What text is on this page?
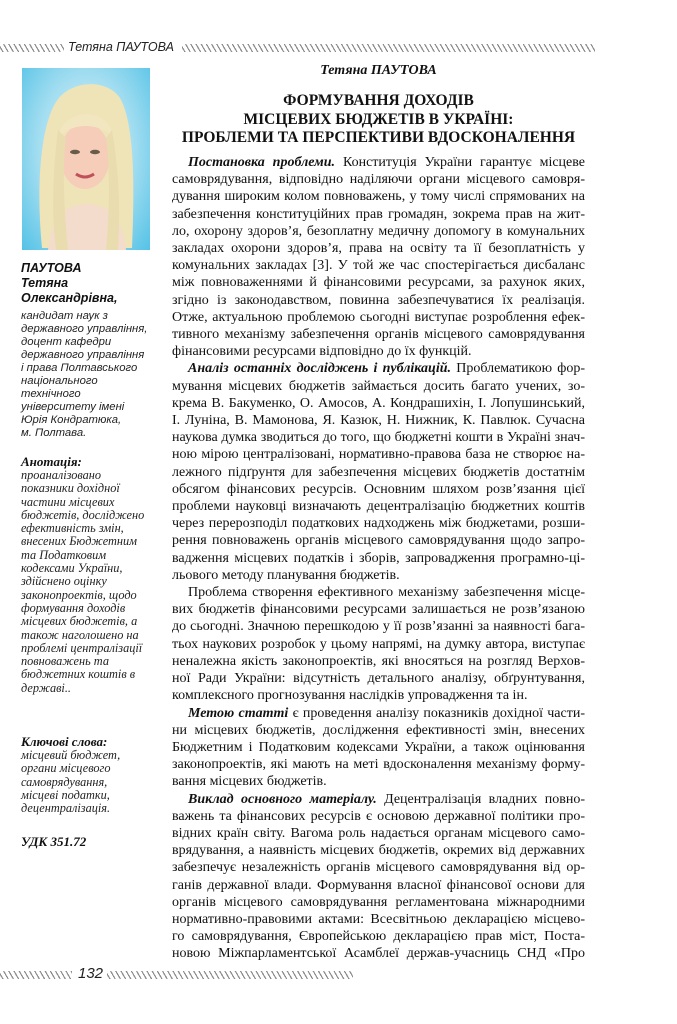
Тетяна ПАУТОВА
ПАУТОВА
Тетяна
Олександрівна,
кандидат наук з
державного управління,
доцент кафедри
державного управління
і права Полтавського
національного
технічного
університету імені
Юрія Кондратюка,
м. Полтава.
Анотація:
проаналізовано
показники дохідної
частини місцевих
бюджетів, досліджено
ефективність змін,
внесених Бюджетним
та Податковим
кодексами України,
здійснено оцінку
законопроектів, щодо
формування доходів
місцевих бюджетів, а
також наголошено на
проблемі централізації
повноважень та
бюджетних коштів в
державі..
Ключові слова:
місцевий бюджет,
органи місцевого
самоврядування,
місцеві податки,
децентралізація.
УДК 351.72
Тетяна ПАУТОВА
ФОРМУВАННЯ ДОХОДІВ
МІСЦЕВИХ БЮДЖЕТІВ В УКРАЇНІ:
ПРОБЛЕМИ ТА ПЕРСПЕКТИВИ ВДОСКОНАЛЕННЯ
Постановка проблеми. Конституція України гарантує місцеве
самоврядування, відповідно наділяючи органи місцевого самовря-
дування широким колом повноважень, у тому числі спрямованих на
забезпечення конституційних прав громадян, зокрема прав на жит-
ло, охорону здоров’я, безоплатну медичну допомогу в комунальних
закладах охорони здоров’я, права на освіту та її безоплатність у
комунальних закладах [3]. У той же час спостерігається дисбаланс
між повноваженнями й фінансовими ресурсами, за рахунок яких,
згідно із законодавством, повинна забезпечуватися їх реалізація.
Отже, актуальною проблемою сьогодні виступає розроблення ефек-
тивного механізму забезпечення органів місцевого самоврядування
фінансовими ресурсами відповідно до їх функцій.
Аналіз останніх досліджень і публікацій. Проблематикою фор-
мування місцевих бюджетів займається досить багато учених, зо-
крема В. Бакуменко, О. Амосов, А. Кондрашихін, І. Лопушинський,
І. Луніна, В. Мамонова, Я. Казюк, Н. Нижник, К. Павлюк. Сучасна
наукова думка зводиться до того, що бюджетні кошти в Україні знач-
ною мірою централізовані, нормативно-правова база не створює на-
лежного підґрунтя для забезпечення місцевих бюджетів достатнім
обсягом фінансових ресурсів. Основним шляхом розв’язання цієї
проблеми науковці визначають децентралізацію бюджетних коштів
через перерозподіл податкових надходжень між бюджетами, розши-
рення повноважень органів місцевого самоврядування щодо запро-
вадження місцевих податків і зборів, запровадження програмно-ці-
льового методу планування бюджетів.
Проблема створення ефективного механізму забезпечення місце-
вих бюджетів фінансовими ресурсами залишається не розв’язаною
до сьогодні. Значною перешкодою у її розв’язанні за наявності бага-
тьох наукових розробок у цьому напрямі, на думку автора, виступає
неналежна якість законопроектів, які вносяться на розгляд Верхов-
ної Ради України: відсутність детального аналізу, обґрунтування,
комплексного прогнозування наслідків упровадження та ін.
Метою статті є проведення аналізу показників дохідної части-
ни місцевих бюджетів, дослідження ефективності змін, внесених
Бюджетним і Податковим кодексами України, а також оцінювання
законопроектів, які мають на меті вдосконалення механізму форму-
вання місцевих бюджетів.
Виклад основного матеріалу. Децентралізація владних повно-
важень та фінансових ресурсів є основою державної політики про-
відних країн світу. Вагома роль надається органам місцевого само-
врядування, а наявність місцевих бюджетів, окремих від державних
забезпечує незалежність органів місцевого самоврядування від ор-
ганів державної влади. Формування власної фінансової основи для
органів місцевого самоврядування регламентована міжнародними
нормативно-правовими актами: Всесвітньою декларацією місцево-
го самоврядування, Європейською декларацією прав міст, Поста-
новою Міжпарламентської Асамблеї держав-учасниць СНД «Про
132
